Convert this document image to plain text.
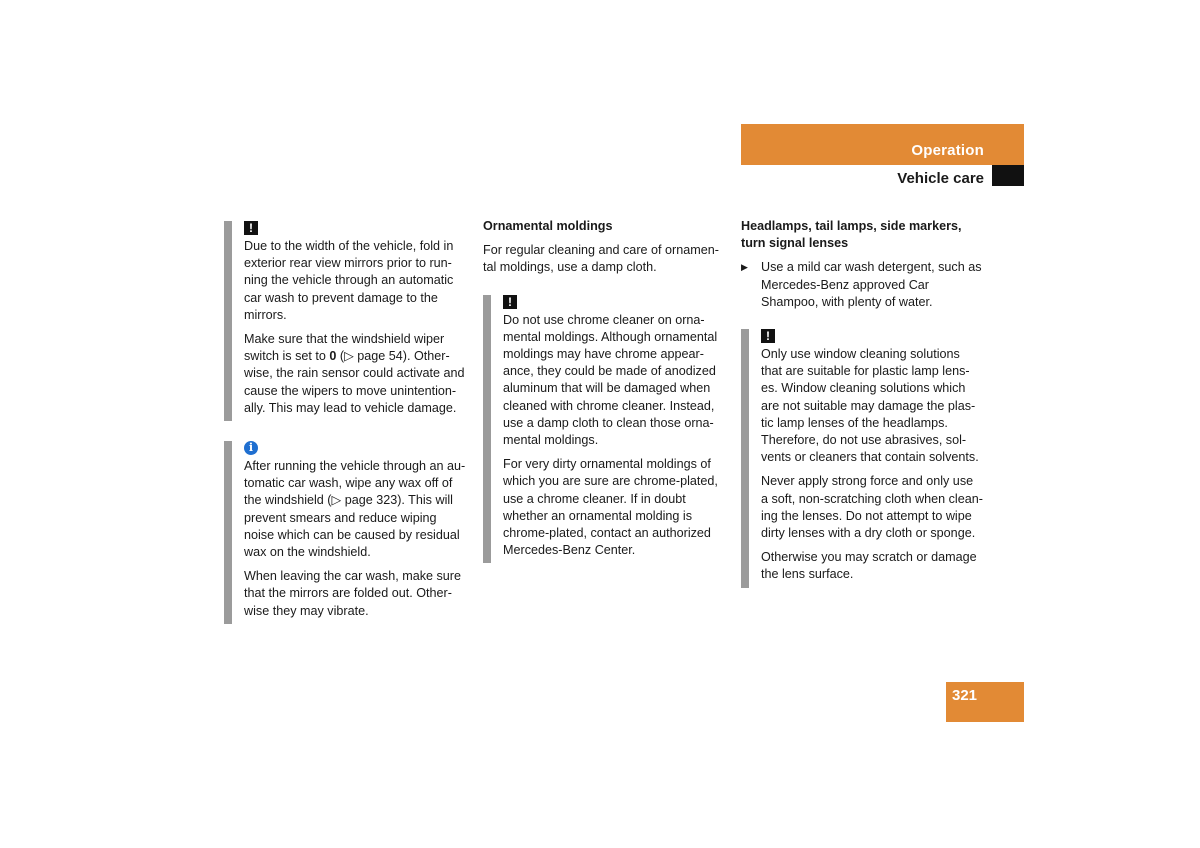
Operation
Vehicle care
!

Due to the width of the vehicle, fold in exterior rear view mirrors prior to run-ning the vehicle through an automatic car wash to prevent damage to the mirrors.

Make sure that the windshield wiper switch is set to 0 (▷ page 54). Other-wise, the rain sensor could activate and cause the wipers to move unintention-ally. This may lead to vehicle damage.

i

After running the vehicle through an au-tomatic car wash, wipe any wax off of the windshield (▷ page 323). This will prevent smears and reduce wiping noise which can be caused by residual wax on the windshield.

When leaving the car wash, make sure that the mirrors are folded out. Other-wise they may vibrate.

Ornamental moldings

For regular cleaning and care of ornamen-tal moldings, use a damp cloth.

!

Do not use chrome cleaner on orna-mental moldings. Although ornamental moldings may have chrome appear-ance, they could be made of anodized aluminum that will be damaged when cleaned with chrome cleaner. Instead, use a damp cloth to clean those orna-mental moldings.

For very dirty ornamental moldings of which you are sure are chrome-plated, use a chrome cleaner. If in doubt whether an ornamental molding is chrome-plated, contact an authorized Mercedes-Benz Center.

Headlamps, tail lamps, side markers, turn signal lenses
▶ Use a mild car wash detergent, such as Mercedes-Benz approved Car Shampoo, with plenty of water.
!

Only use window cleaning solutions that are suitable for plastic lamp lens-es. Window cleaning solutions which are not suitable may damage the plas-tic lamp lenses of the headlamps. Therefore, do not use abrasives, sol-vents or cleaners that contain solvents.

Never apply strong force and only use a soft, non-scratching cloth when clean-ing the lenses. Do not attempt to wipe dirty lenses with a dry cloth or sponge.

Otherwise you may scratch or damage the lens surface.

321
